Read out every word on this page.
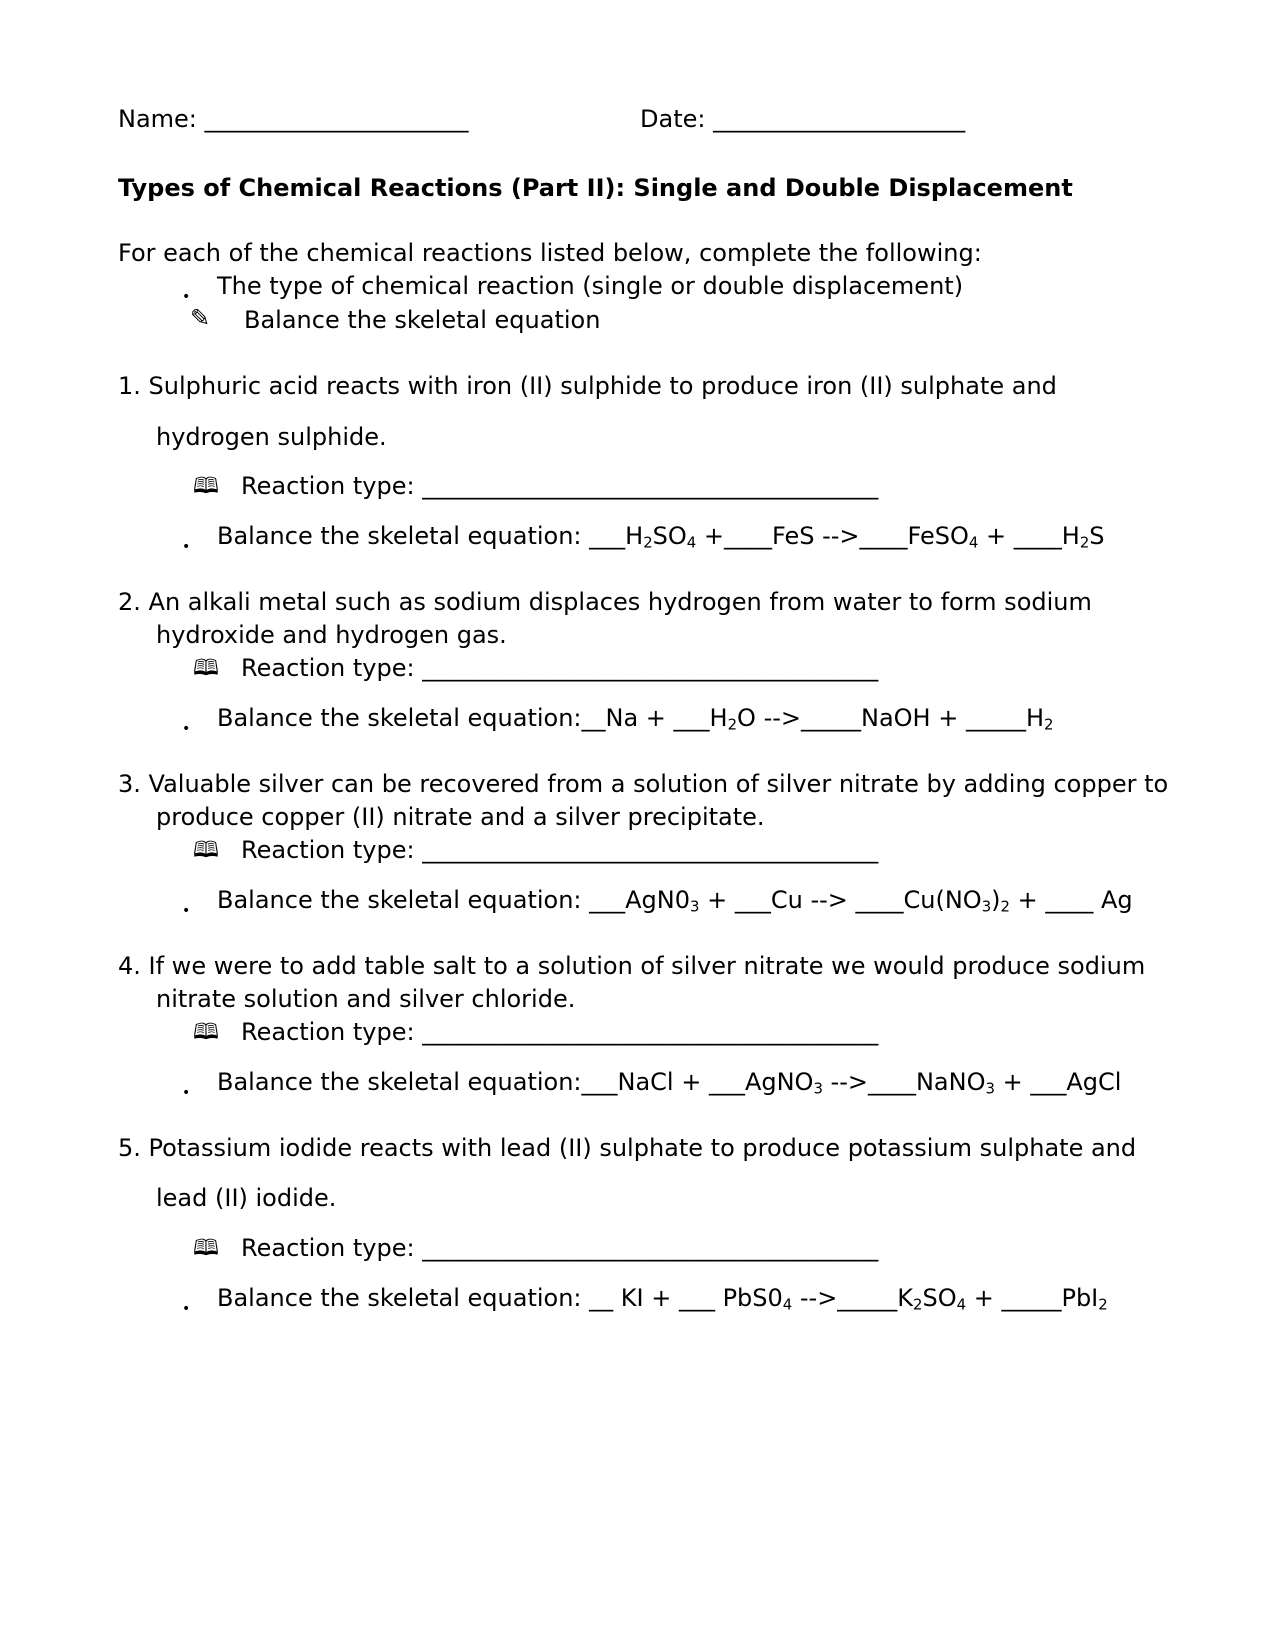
Name: ______________________	Date: _____________________
Types of Chemical Reactions (Part II): Single and Double Displacement
For each of the chemical reactions listed below, complete the following:
• The type of chemical reaction (single or double displacement)
✎ Balance the skeletal equation
1. Sulphuric acid reacts with iron (II) sulphide to produce iron (II) sulphate and
hydrogen sulphide.
🕮 Reaction type: ______________________________________
• Balance the skeletal equation: $\_\_\_H_2SO_4$ +____FeS -->____FeSO$_4$ + $\_\_\_\_H_2S$
2. An alkali metal such as sodium displaces hydrogen from water to form sodium
hydroxide and hydrogen gas.
🕮 Reaction type: ______________________________________
• Balance the skeletal equation:__Na + $\_\_\_H_2O$ -->_____NaOH + $\_\_\_\_\_H_2$
3. Valuable silver can be recovered from a solution of silver nitrate by adding copper to
produce copper (II) nitrate and a silver precipitate.
🕮 Reaction type: ______________________________________
• Balance the skeletal equation: $\_\_\_AgN0_3$ + ___Cu --> $\_\_\_\_Cu(NO_3)_2$ + ____ Ag
4. If we were to add table salt to a solution of silver nitrate we would produce sodium
nitrate solution and silver chloride.
🕮 Reaction type: ______________________________________
• Balance the skeletal equation:___NaCl + ___AgNO$_3$ -->____NaNO$_3$ + ___AgCl
5. Potassium iodide reacts with lead (II) sulphate to produce potassium sulphate and
lead (II) iodide.
🕮 Reaction type: ______________________________________
• Balance the skeletal equation: __ KI + ___ $PbS0_4$ $-->\_\_\_\_\_K_2SO_4$ + _____PbI$_2$
